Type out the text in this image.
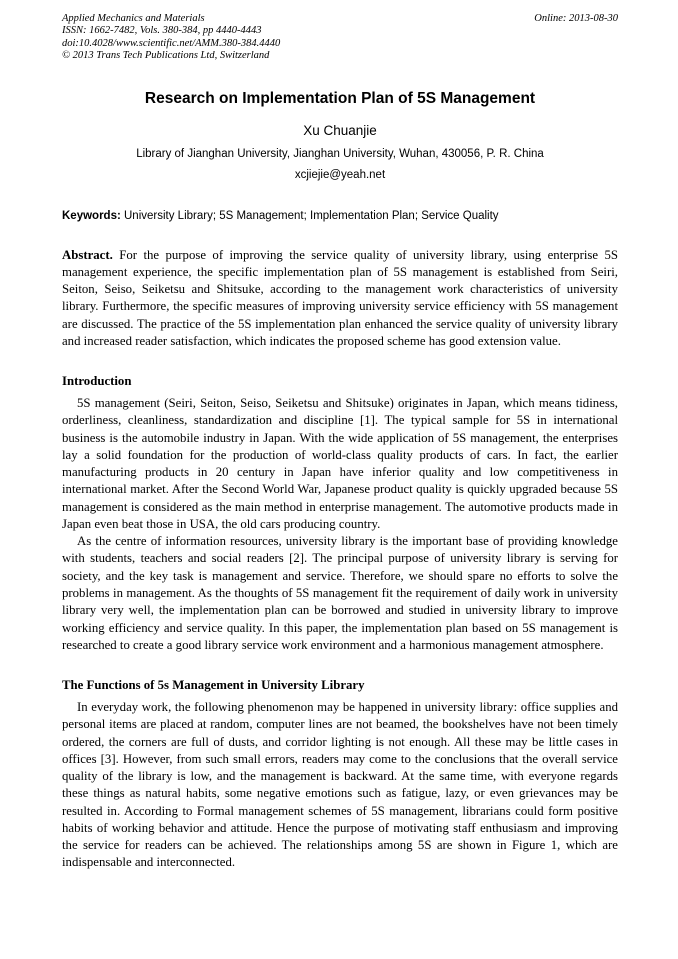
Applied Mechanics and Materials
ISSN: 1662-7482, Vols. 380-384, pp 4440-4443
doi:10.4028/www.scientific.net/AMM.380-384.4440
© 2013 Trans Tech Publications Ltd, Switzerland
Online: 2013-08-30
Research on Implementation Plan of 5S Management
Xu Chuanjie
Library of Jianghan University, Jianghan University, Wuhan, 430056, P. R. China
xcjiejie@yeah.net
Keywords: University Library; 5S Management; Implementation Plan; Service Quality
Abstract. For the purpose of improving the service quality of university library, using enterprise 5S management experience, the specific implementation plan of 5S management is established from Seiri, Seiton, Seiso, Seiketsu and Shitsuke, according to the management work characteristics of university library. Furthermore, the specific measures of improving university service efficiency with 5S management are discussed. The practice of the 5S implementation plan enhanced the service quality of university library and increased reader satisfaction, which indicates the proposed scheme has good extension value.
Introduction
5S management (Seiri, Seiton, Seiso, Seiketsu and Shitsuke) originates in Japan, which means tidiness, orderliness, cleanliness, standardization and discipline [1]. The typical sample for 5S in international business is the automobile industry in Japan. With the wide application of 5S management, the enterprises lay a solid foundation for the production of world-class quality products of cars. In fact, the earlier manufacturing products in 20 century in Japan have inferior quality and low competitiveness in international market. After the Second World War, Japanese product quality is quickly upgraded because 5S management is considered as the main method in enterprise management. The automotive products made in Japan even beat those in USA, the old cars producing country.
As the centre of information resources, university library is the important base of providing knowledge with students, teachers and social readers [2]. The principal purpose of university library is serving for society, and the key task is management and service. Therefore, we should spare no efforts to solve the problems in management. As the thoughts of 5S management fit the requirement of daily work in university library very well, the implementation plan can be borrowed and studied in university library to improve working efficiency and service quality. In this paper, the implementation plan based on 5S management is researched to create a good library service work environment and a harmonious management atmosphere.
The Functions of 5s Management in University Library
In everyday work, the following phenomenon may be happened in university library: office supplies and personal items are placed at random, computer lines are not beamed, the bookshelves have not been timely ordered, the corners are full of dusts, and corridor lighting is not enough. All these may be little cases in offices [3]. However, from such small errors, readers may come to the conclusions that the overall service quality of the library is low, and the management is backward. At the same time, with everyone regards these things as natural habits, some negative emotions such as fatigue, lazy, or even grievances may be resulted in. According to Formal management schemes of 5S management, librarians could form positive habits of working behavior and attitude. Hence the purpose of motivating staff enthusiasm and improving the service for readers can be achieved. The relationships among 5S are shown in Figure 1, which are indispensable and interconnected.
